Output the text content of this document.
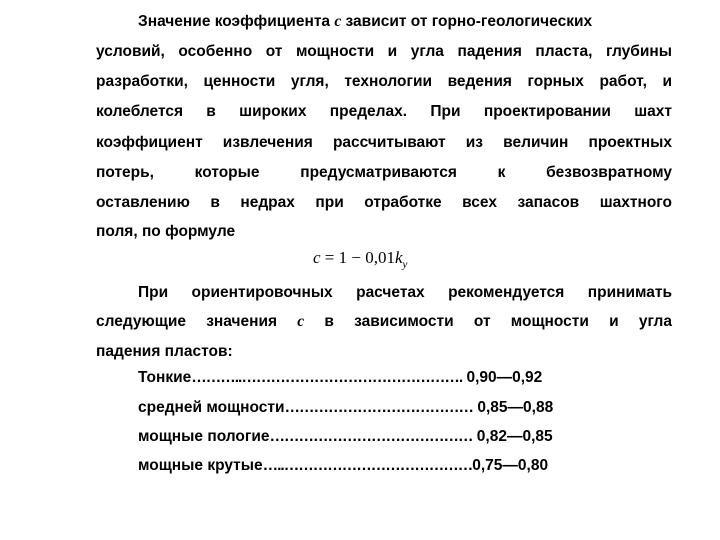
Значение коэффициента c зависит от горно-геологических
условий, особенно от мощности и угла падения пласта, глубины
разработки, ценности угля, технологии ведения горных работ, и
колеблется в широких пределах. При проектировании шахт
коэффициент извлечения рассчитывают из величин проектных
потерь, которые предусматриваются к безвозвратному
оставлению в недрах при отработке всех запасов шахтного
поля, по формуле
$c = 1 - 0,01k_у$
При ориентировочных расчетах рекомендуется принимать
следующие значения c в зависимости от мощности и угла
падения пластов:
Тонкие………..………………………………………. 0,90—0,92
средней мощности………………………………… 0,85—0,88
мощные пологие…………………………………… 0,82—0,85
мощные крутые…..…………………………………0,75—0,80
